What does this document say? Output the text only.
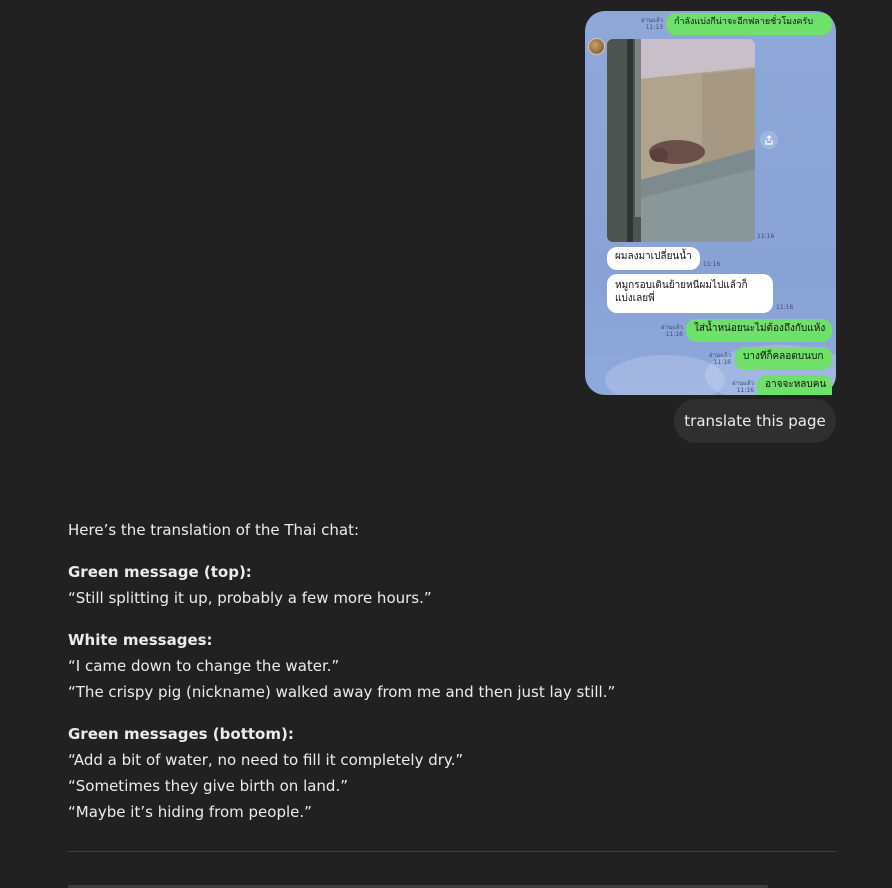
อ่านแล้ว
11:13
กำลังแบ่งกีน่าจะอีกฟลายชั่วโมงครับ
11:16
ผมลงมาเปลี่ยนน้ำ
11:16
หมูกรอบเดินย้ายหนีผมไปแล้วก็แบ่งเลยพี่
11:16
อ่านแล้ว
11:16
ใส่น้ำหน่อยนะไม่ต้องถึงกับแห้ง
อ่านแล้ว
11:16
บางทีก็คลอดบนบก
อ่านแล้ว
11:16
อาจจะหลบคน
translate this page

Here’s the translation of the Thai chat:

Green message (top):

“Still splitting it up, probably a few more hours.”

White messages:

“I came down to change the water.”

“The crispy pig (nickname) walked away from me and then just lay still.”

Green messages (bottom):

“Add a bit of water, no need to fill it completely dry.”

“Sometimes they give birth on land.”

“Maybe it’s hiding from people.”
